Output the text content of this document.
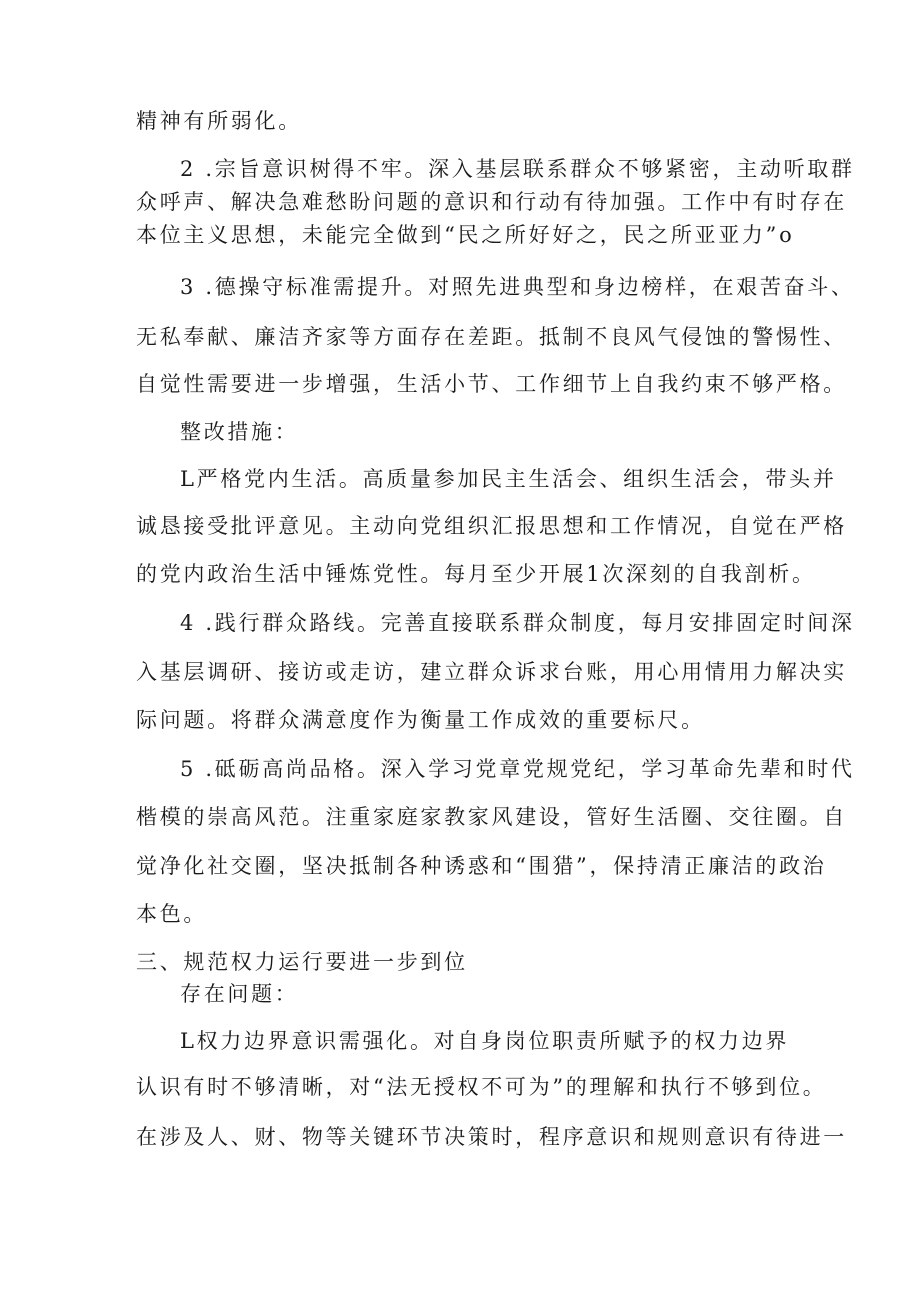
精神有所弱化。
2 .宗旨意识树得不牢。深入基层联系群众不够紧密，主动听取群
众呼声、解决急难愁盼问题的意识和行动有待加强。工作中有时存在
本位主义思想，未能完全做到“民之所好好之，民之所亚亚力”o
3 .德操守标准需提升。对照先进典型和身边榜样，在艰苦奋斗、
无私奉献、廉洁齐家等方面存在差距。抵制不良风气侵蚀的警惕性、
自觉性需要进一步增强，生活小节、工作细节上自我约束不够严格。
整改措施：
L严格党内生活。高质量参加民主生活会、组织生活会，带头并
诚恳接受批评意见。主动向党组织汇报思想和工作情况，自觉在严格
的党内政治生活中锤炼党性。每月至少开展1次深刻的自我剖析。
4 .践行群众路线。完善直接联系群众制度，每月安排固定时间深
入基层调研、接访或走访，建立群众诉求台账，用心用情用力解决实
际问题。将群众满意度作为衡量工作成效的重要标尺。
5 .砥砺高尚品格。深入学习党章党规党纪，学习革命先辈和时代
楷模的崇高风范。注重家庭家教家风建设，管好生活圈、交往圈。自
觉净化社交圈，坚决抵制各种诱惑和“围猎”，保持清正廉洁的政治
本色。
三、规范权力运行要进一步到位
存在问题：
L权力边界意识需强化。对自身岗位职责所赋予的权力边界
认识有时不够清晰，对“法无授权不可为”的理解和执行不够到位。
在涉及人、财、物等关键环节决策时，程序意识和规则意识有待进一
